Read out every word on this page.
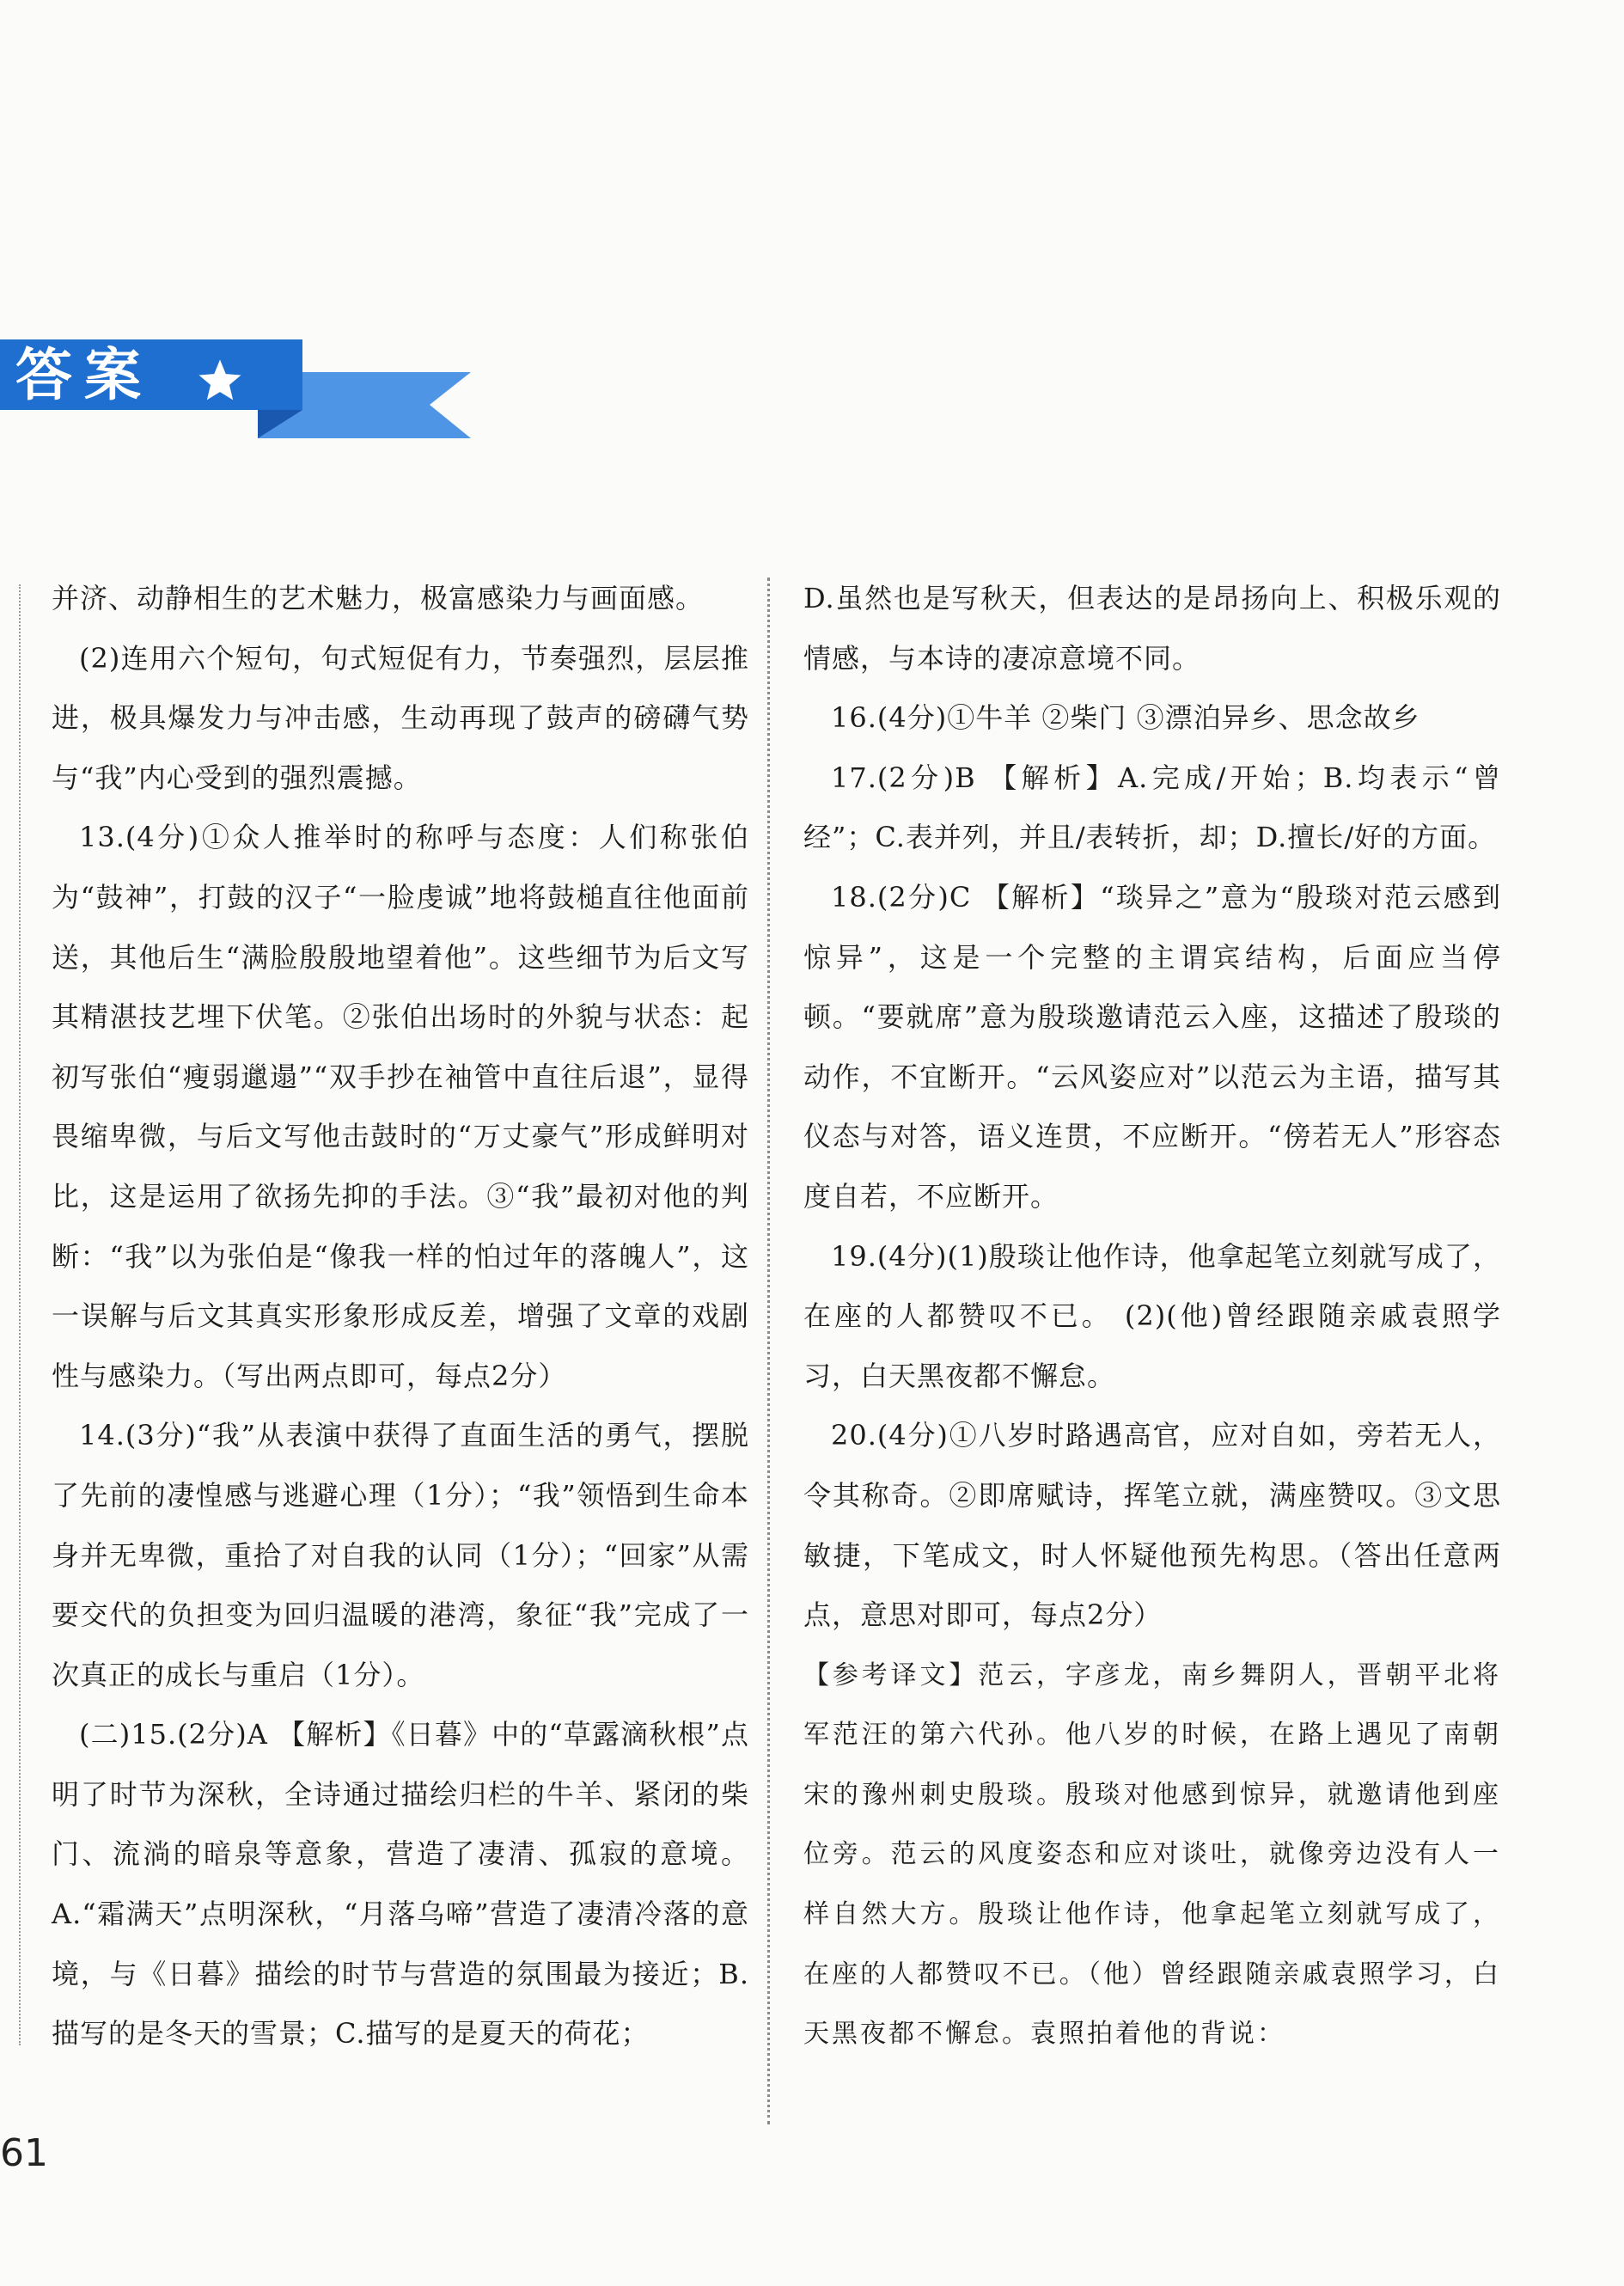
答案

并济、动静相生的艺术魅力，极富感染力与画面感。

(2)连用六个短句，句式短促有力，节奏强烈，层层推进，极具爆发力与冲击感，生动再现了鼓声的磅礴气势与“我”内心受到的强烈震撼。

13.(4分)①众人推举时的称呼与态度：人们称张伯为“鼓神”，打鼓的汉子“一脸虔诚”地将鼓槌直往他面前送，其他后生“满脸殷殷地望着他”。这些细节为后文写其精湛技艺埋下伏笔。②张伯出场时的外貌与状态：起初写张伯“瘦弱邋遢”“双手抄在袖管中直往后退”，显得畏缩卑微，与后文写他击鼓时的“万丈豪气”形成鲜明对比，这是运用了欲扬先抑的手法。③“我”最初对他的判断：“我”以为张伯是“像我一样的怕过年的落魄人”，这一误解与后文其真实形象形成反差，增强了文章的戏剧性与感染力。（写出两点即可，每点2分）

14.(3分)“我”从表演中获得了直面生活的勇气，摆脱了先前的凄惶感与逃避心理（1分）；“我”领悟到生命本身并无卑微，重拾了对自我的认同（1分）；“回家”从需要交代的负担变为回归温暖的港湾，象征“我”完成了一次真正的成长与重启（1分）。

(二)15.(2分)A 【解析】《日暮》中的“草露滴秋根”点明了时节为深秋，全诗通过描绘归栏的牛羊、紧闭的柴门、流淌的暗泉等意象，营造了凄清、孤寂的意境。A.“霜满天”点明深秋，“月落乌啼”营造了凄清冷落的意境，与《日暮》描绘的时节与营造的氛围最为接近；B.描写的是冬天的雪景；C.描写的是夏天的荷花；

D.虽然也是写秋天，但表达的是昂扬向上、积极乐观的情感，与本诗的凄凉意境不同。

16.(4分)①牛羊 ②柴门 ③漂泊异乡、思念故乡

17.(2分)B 【解析】A.完成/开始；B.均表示“曾经”；C.表并列，并且/表转折，却；D.擅长/好的方面。

18.(2分)C 【解析】“琰异之”意为“殷琰对范云感到惊异”，这是一个完整的主谓宾结构，后面应当停顿。“要就席”意为殷琰邀请范云入座，这描述了殷琰的动作，不宜断开。“云风姿应对”以范云为主语，描写其仪态与对答，语义连贯，不应断开。“傍若无人”形容态度自若，不应断开。

19.(4分)(1)殷琰让他作诗，他拿起笔立刻就写成了，在座的人都赞叹不已。 (2)(他)曾经跟随亲戚袁照学习，白天黑夜都不懈怠。

20.(4分)①八岁时路遇高官，应对自如，旁若无人，令其称奇。②即席赋诗，挥笔立就，满座赞叹。③文思敏捷，下笔成文，时人怀疑他预先构思。（答出任意两点，意思对即可，每点2分）

【参考译文】范云，字彦龙，南乡舞阴人，晋朝平北将军范汪的第六代孙。他八岁的时候，在路上遇见了南朝宋的豫州刺史殷琰。殷琰对他感到惊异，就邀请他到座位旁。范云的风度姿态和应对谈吐，就像旁边没有人一样自然大方。殷琰让他作诗，他拿起笔立刻就写成了，在座的人都赞叹不已。（他）曾经跟随亲戚袁照学习，白天黑夜都不懈怠。袁照拍着他的背说：

61
